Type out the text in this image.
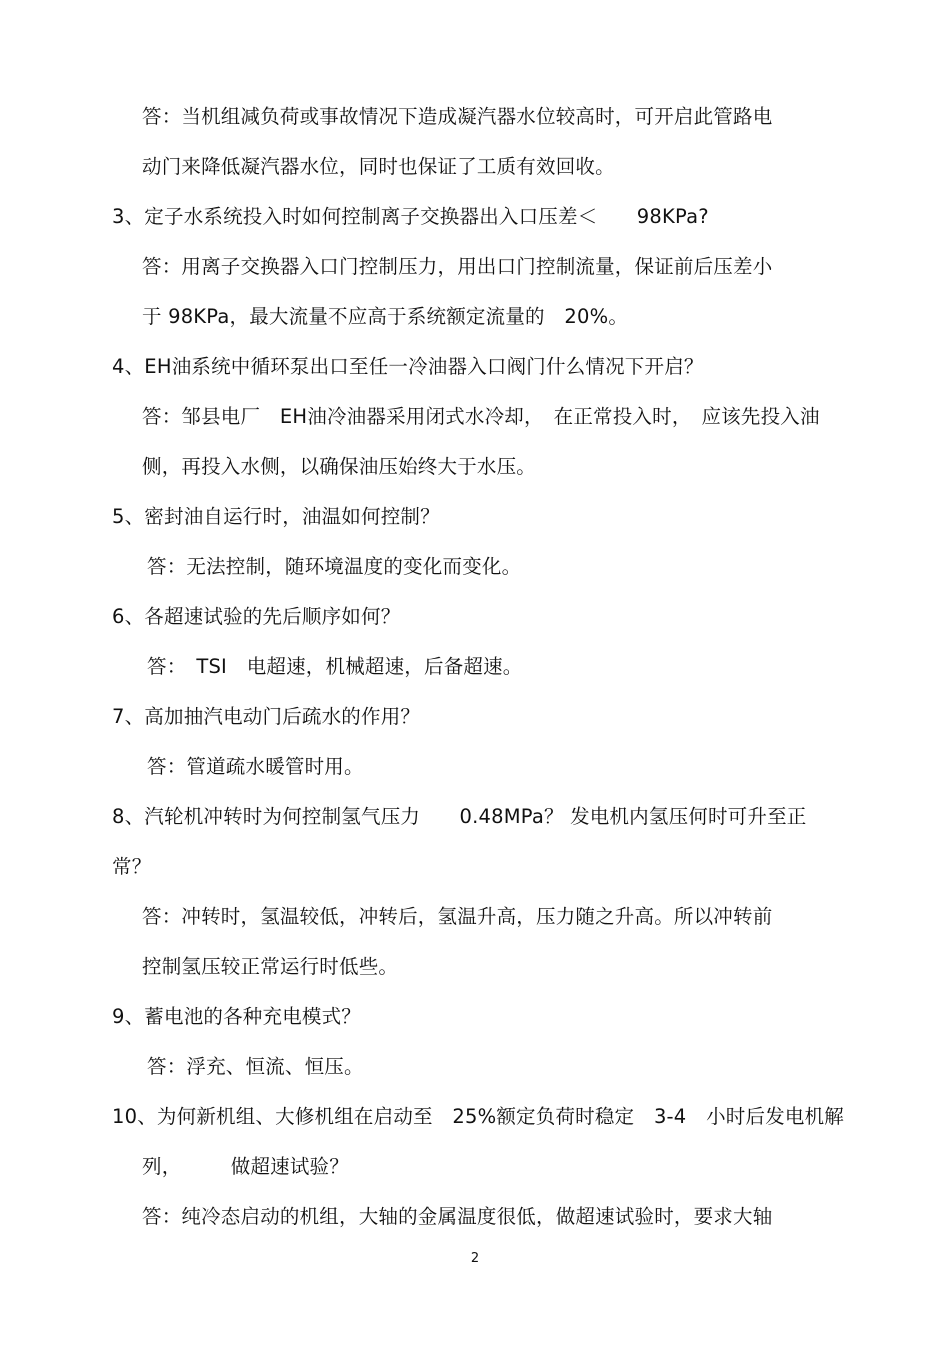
答：当机组减负荷或事故情况下造成凝汽器水位较高时，可开启此管路电
动门来降低凝汽器水位，同时也保证了工质有效回收。
3、定子水系统投入时如何控制离子交换器出入口压差＜　　98KPa?
答：用离子交换器入口门控制压力，用出口门控制流量，保证前后压差小
于 98KPa，最大流量不应高于系统额定流量的　20%。
4、EH油系统中循环泵出口至任一冷油器入口阀门什么情况下开启？
答：邹县电厂　EH油冷油器采用闭式水冷却，　在正常投入时，　应该先投入油
侧，再投入水侧，以确保油压始终大于水压。
5、密封油自运行时，油温如何控制？
答：无法控制，随环境温度的变化而变化。
6、各超速试验的先后顺序如何？
答：　TSI　电超速，机械超速，后备超速。
7、高加抽汽电动门后疏水的作用？
答：管道疏水暖管时用。
8、汽轮机冲转时为何控制氢气压力　　0.48MPa？ 发电机内氢压何时可升至正
常？
答：冲转时，氢温较低，冲转后，氢温升高，压力随之升高。所以冲转前
控制氢压较正常运行时低些。
9、蓄电池的各种充电模式？
答：浮充、恒流、恒压。
10、为何新机组、大修机组在启动至　25%额定负荷时稳定　3-4　小时后发电机解
列，　　　做超速试验？
答：纯冷态启动的机组，大轴的金属温度很低，做超速试验时，要求大轴
2
